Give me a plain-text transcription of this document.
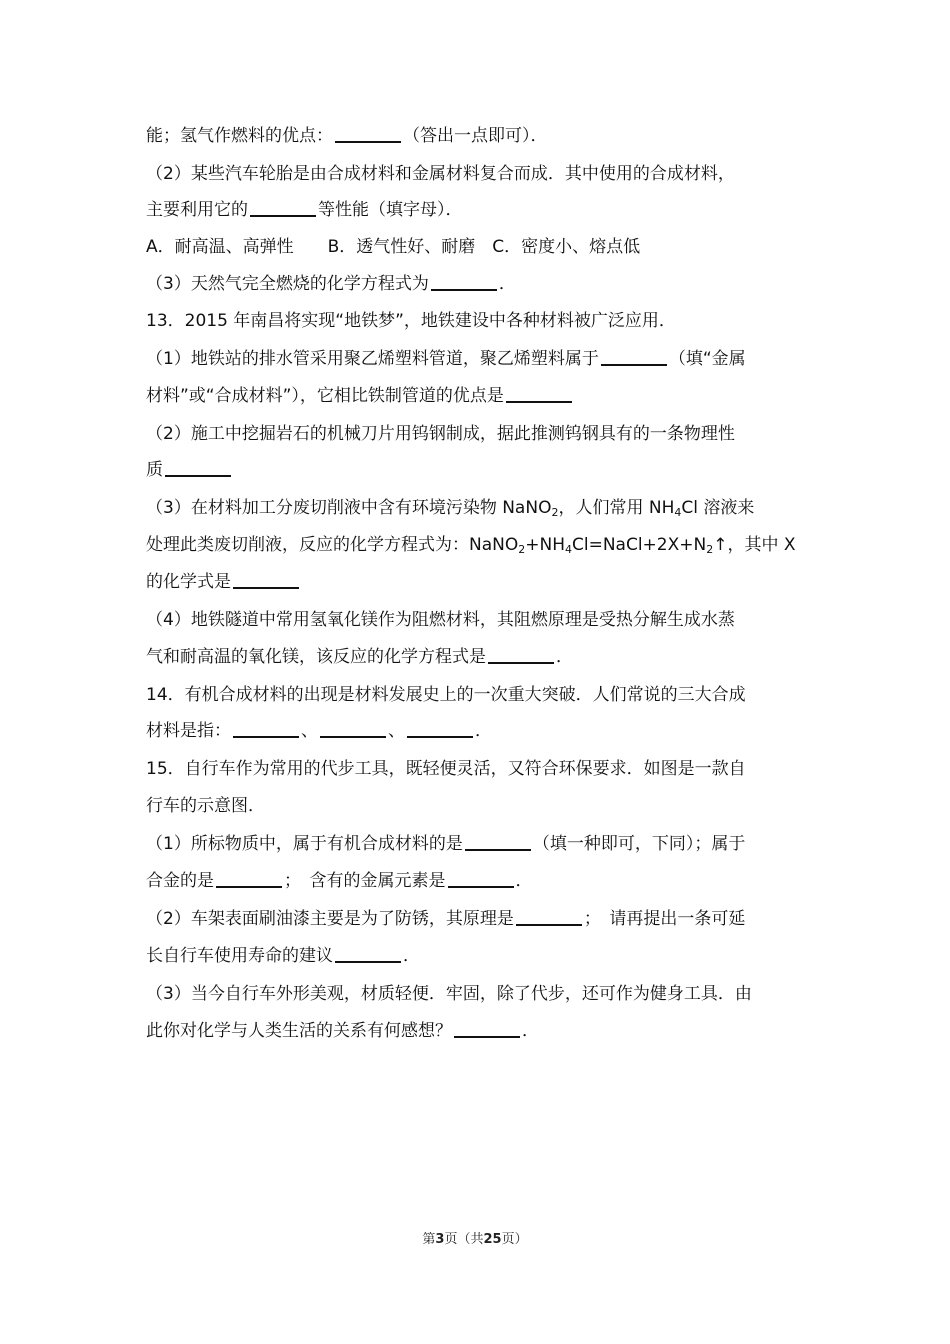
能；氢气作燃料的优点：	（答出一点即可）．
（2）某些汽车轮胎是由合成材料和金属材料复合而成．其中使用的合成材料，
主要利用它的	等性能（填字母）．
A．耐高温、高弹性　　B．透气性好、耐磨　C．密度小、熔点低
（3）天然气完全燃烧的化学方程式为	．
13．2015 年南昌将实现“地铁梦”，地铁建设中各种材料被广泛应用．
（1）地铁站的排水管采用聚乙烯塑料管道，聚乙烯塑料属于	（填“金属
材料”或“合成材料”），它相比铁制管道的优点是
（2）施工中挖掘岩石的机械刀片用钨钢制成，据此推测钨钢具有的一条物理性
质
（3）在材料加工分废切削液中含有环境污染物 NaNO$_2$，人们常用 $NH_4Cl$ 溶液来
处理此类废切削液，反应的化学方程式为：$NaNO_2+NH_4Cl=NaCl+2X+N_2↑$，其中 X
的化学式是
（4）地铁隧道中常用氢氧化镁作为阻燃材料，其阻燃原理是受热分解生成水蒸
气和耐高温的氧化镁，该反应的化学方程式是	．
14．有机合成材料的出现是材料发展史上的一次重大突破．人们常说的三大合成
材料是指：	、	、	．
15．自行车作为常用的代步工具，既轻便灵活，又符合环保要求．如图是一款自
行车的示意图．
（1）所标物质中，属于有机合成材料的是	（填一种即可，下同）；属于
合金的是	；　含有的金属元素是	．
（2）车架表面刷油漆主要是为了防锈，其原理是	；　请再提出一条可延
长自行车使用寿命的建议	．
（3）当今自行车外形美观，材质轻便．牢固，除了代步，还可作为健身工具．由
此你对化学与人类生活的关系有何感想？	．
第3页（共25页）
